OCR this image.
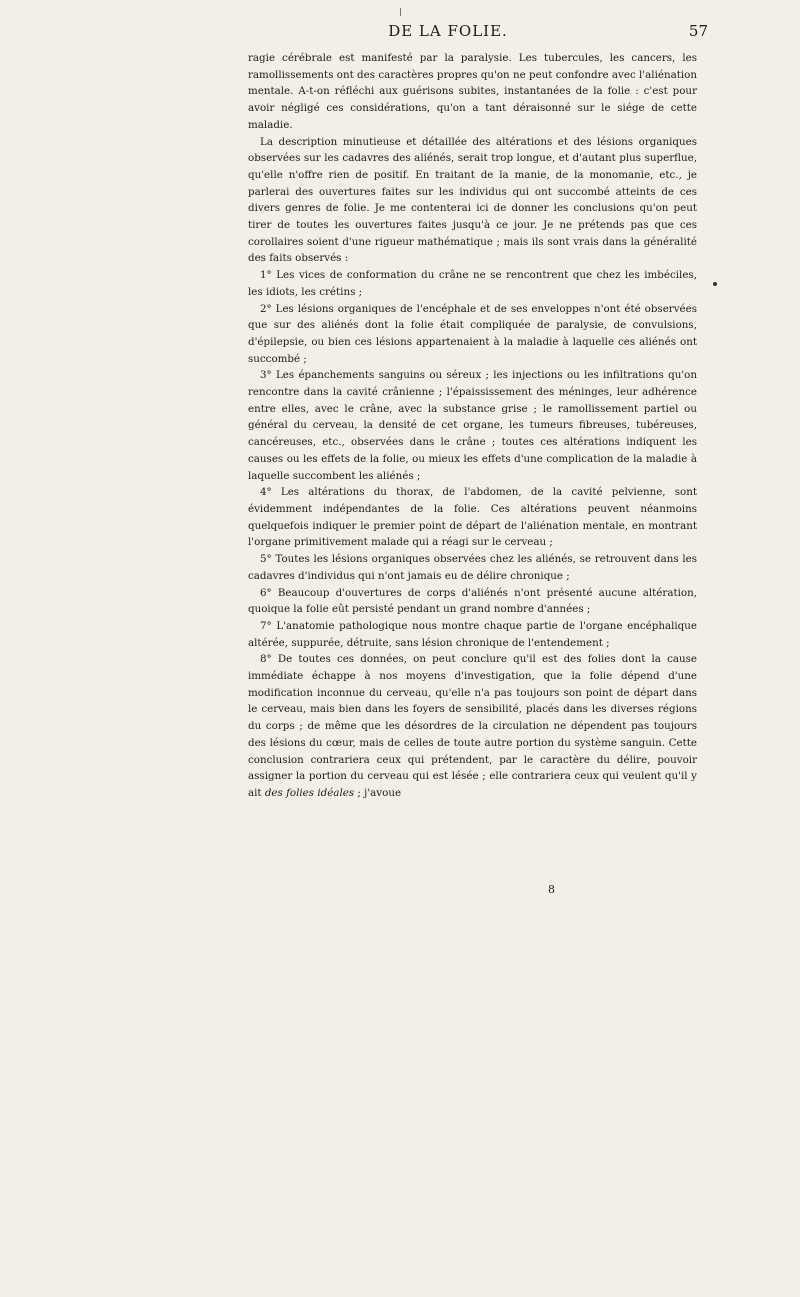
DE LA FOLIE.	57

ragie cérébrale est manifesté par la paralysie. Les tubercules, les cancers, les ramollissements ont des caractères propres qu'on ne peut confondre avec l'aliénation mentale. A-t-on réfléchi aux guérisons subites, instantanées de la folie : c'est pour avoir négligé ces considérations, qu'on a tant déraisonné sur le siége de cette maladie.

La description minutieuse et détaillée des altérations et des lésions organiques observées sur les cadavres des aliénés, serait trop longue, et d'autant plus superflue, qu'elle n'offre rien de positif. En traitant de la manie, de la monomanie, etc., je parlerai des ouvertures faites sur les individus qui ont succombé atteints de ces divers genres de folie. Je me contenterai ici de donner les conclusions qu'on peut tirer de toutes les ouvertures faites jusqu'à ce jour. Je ne prétends pas que ces corollaires soient d'une rigueur mathématique ; mais ils sont vrais dans la généralité des faits observés :

1° Les vices de conformation du crâne ne se rencontrent que chez les imbéciles, les idiots, les crétins ;

2° Les lésions organiques de l'encéphale et de ses enveloppes n'ont été observées que sur des aliénés dont la folie était compliquée de paralysie, de convulsions, d'épilepsie, ou bien ces lésions appartenaient à la maladie à laquelle ces aliénés ont succombé ;

3° Les épanchements sanguins ou séreux ; les injections ou les infiltrations qu'on rencontre dans la cavité crânienne ; l'épaississement des méninges, leur adhérence entre elles, avec le crâne, avec la substance grise ; le ramollissement partiel ou général du cerveau, la densité de cet organe, les tumeurs fibreuses, tubéreuses, cancéreuses, etc., observées dans le crâne ; toutes ces altérations indiquent les causes ou les effets de la folie, ou mieux les effets d'une complication de la maladie à laquelle succombent les aliénés ;

4° Les altérations du thorax, de l'abdomen, de la cavité pelvienne, sont évidemment indépendantes de la folie. Ces altérations peuvent néanmoins quelquefois indiquer le premier point de départ de l'aliénation mentale, en montrant l'organe primitivement malade qui a réagi sur le cerveau ;

5° Toutes les lésions organiques observées chez les aliénés, se retrouvent dans les cadavres d'individus qui n'ont jamais eu de délire chronique ;

6° Beaucoup d'ouvertures de corps d'aliénés n'ont présenté aucune altération, quoique la folie eût persisté pendant un grand nombre d'années ;

7° L'anatomie pathologique nous montre chaque partie de l'organe encéphalique altérée, suppurée, détruite, sans lésion chronique de l'entendement ;

8° De toutes ces données, on peut conclure qu'il est des folies dont la cause immédiate échappe à nos moyens d'investigation, que la folie dépend d'une modification inconnue du cerveau, qu'elle n'a pas toujours son point de départ dans le cerveau, mais bien dans les foyers de sensibilité, placés dans les diverses régions du corps ; de même que les désordres de la circulation ne dépendent pas toujours des lésions du cœur, mais de celles de toute autre portion du système sanguin. Cette conclusion contrariera ceux qui prétendent, par le caractère du délire, pouvoir assigner la portion du cerveau qui est lésée ; elle contrariera ceux qui veulent qu'il y ait des folies idéales ; j'avoue

8
